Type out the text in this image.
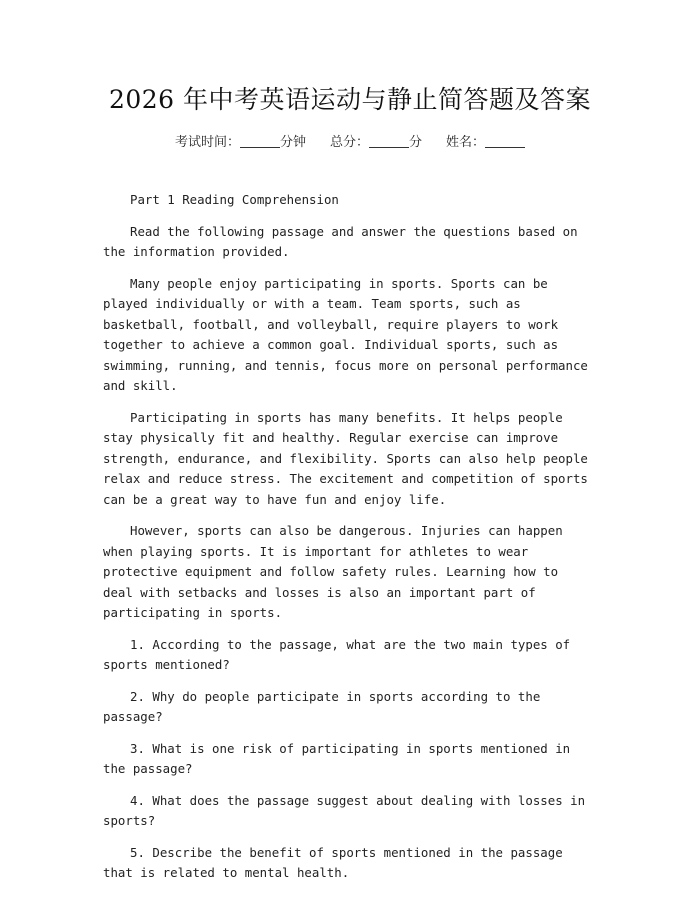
2026 年中考英语运动与静止简答题及答案
考试时间：	分钟 总分：	分 姓名：

Part 1 Reading Comprehension

Read the following passage and answer the questions based on the information provided.

Many people enjoy participating in sports. Sports can be played individually or with a team. Team sports, such as basketball, football, and volleyball, require players to work together to achieve a common goal. Individual sports, such as swimming, running, and tennis, focus more on personal performance and skill.

Participating in sports has many benefits. It helps people stay physically fit and healthy. Regular exercise can improve strength, endurance, and flexibility. Sports can also help people relax and reduce stress. The excitement and competition of sports can be a great way to have fun and enjoy life.

However, sports can also be dangerous. Injuries can happen when playing sports. It is important for athletes to wear protective equipment and follow safety rules. Learning how to deal with setbacks and losses is also an important part of participating in sports.

1. According to the passage, what are the two main types of sports mentioned?

2. Why do people participate in sports according to the passage?

3. What is one risk of participating in sports mentioned in the passage?

4. What does the passage suggest about dealing with losses in sports?

5. Describe the benefit of sports mentioned in the passage that is related to mental health.
